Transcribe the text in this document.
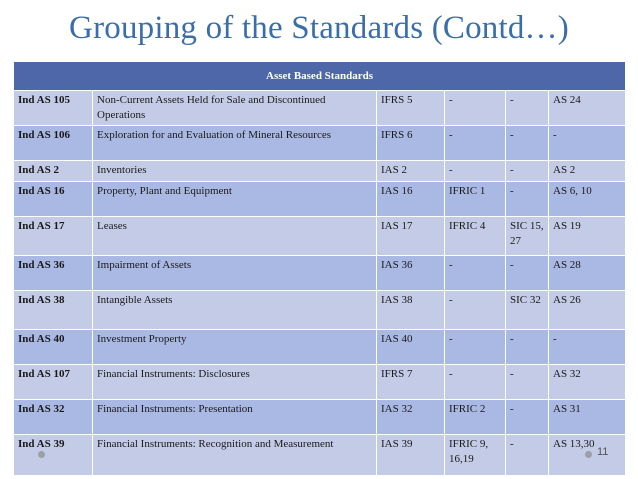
Grouping of the Standards (Contd…)
Asset Based Standards					
Ind AS 105	Non-Current Assets Held for Sale and Discontinued Operations	IFRS 5	-	-	AS 24
Ind AS 106	Exploration for and Evaluation of Mineral Resources	IFRS 6	-	-	-
Ind AS 2	Inventories	IAS 2	-	-	AS 2
Ind AS 16	Property, Plant and Equipment	IAS 16	IFRIC 1	-	AS 6, 10
Ind AS 17	Leases	IAS 17	IFRIC 4	SIC 15, 27	AS 19
Ind AS 36	Impairment of Assets	IAS 36	-	-	AS 28
Ind AS 38	Intangible Assets	IAS 38	-	SIC 32	AS 26
Ind AS 40	Investment Property	IAS 40	-	-	-
Ind AS 107	Financial Instruments: Disclosures	IFRS 7	-	-	AS 32
Ind AS 32	Financial Instruments: Presentation	IAS 32	IFRIC 2	-	AS 31
Ind AS 39	Financial Instruments: Recognition and Measurement	IAS 39	IFRIC 9, 16,19	-	AS 13,30
11
